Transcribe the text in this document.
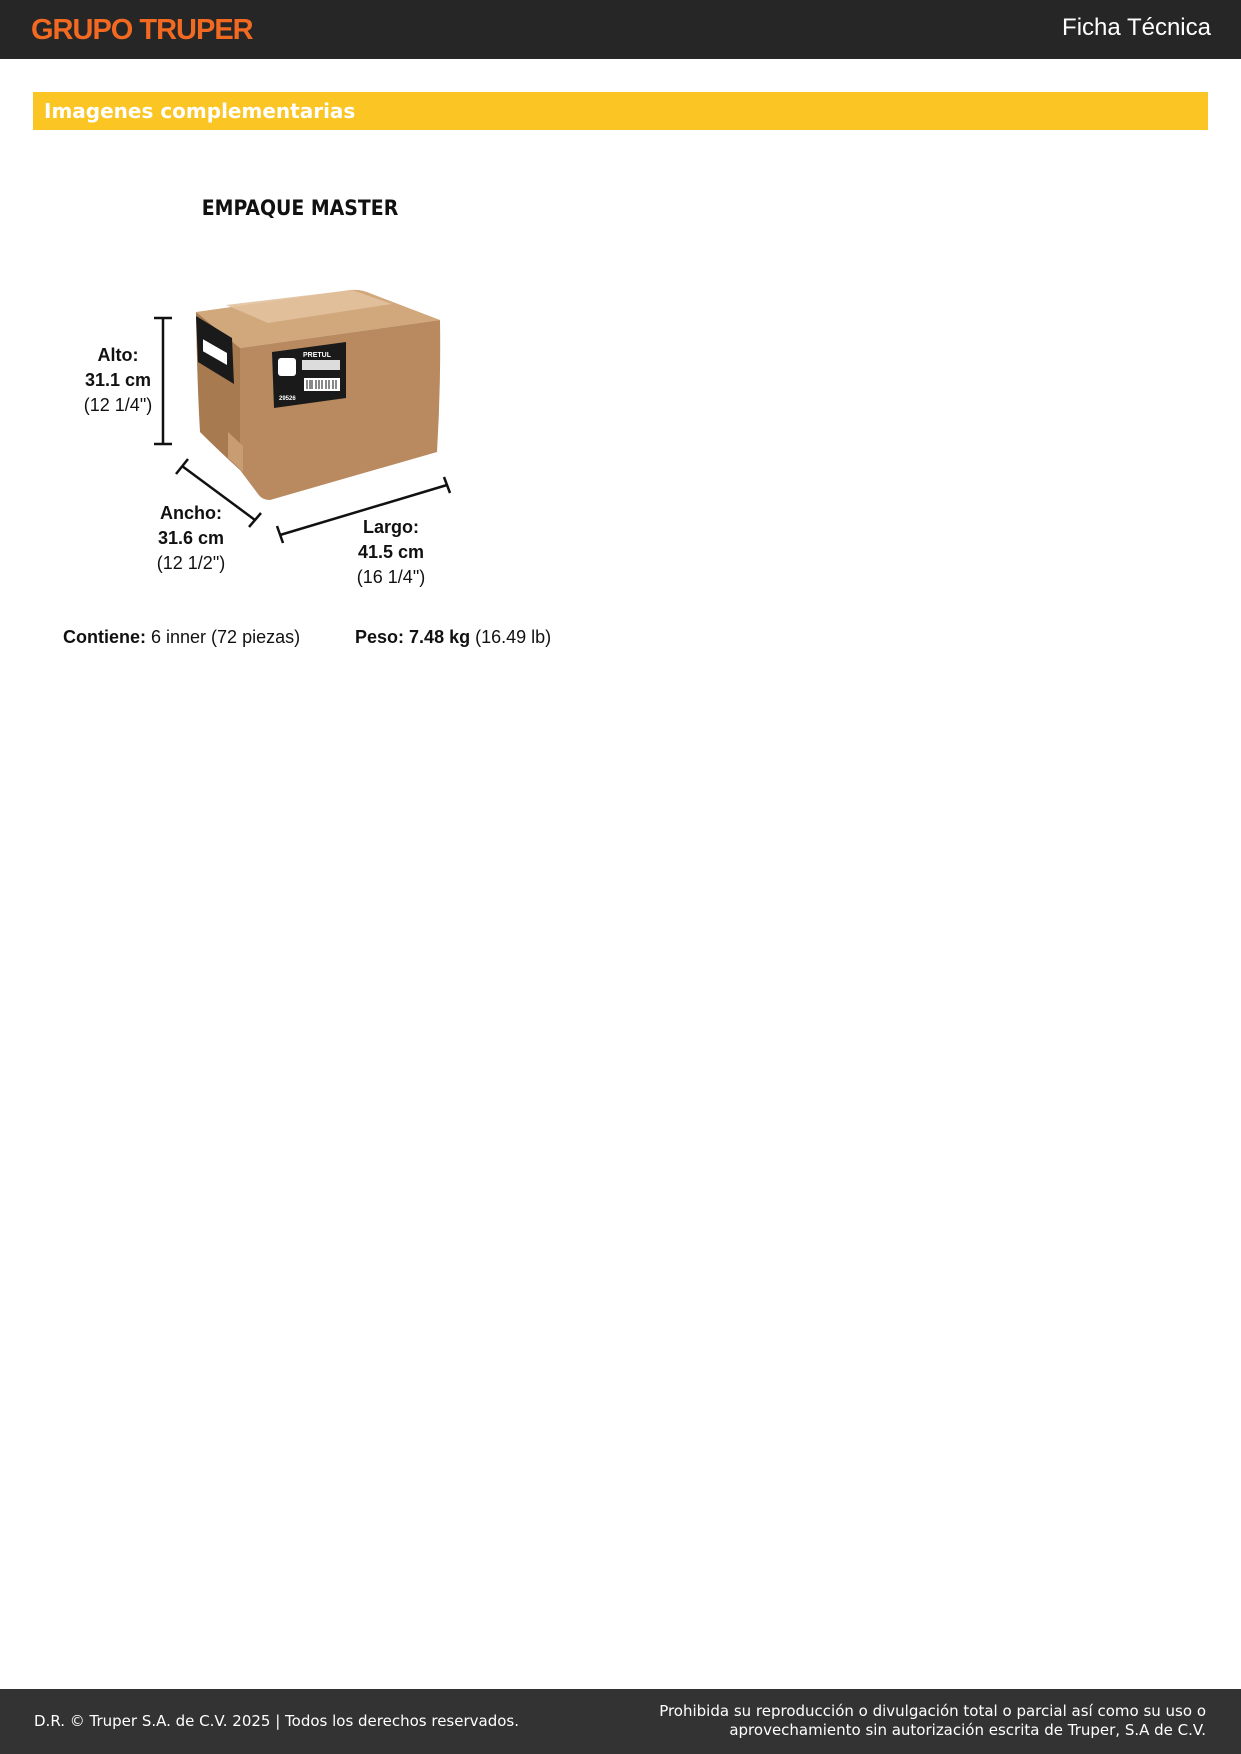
GRUPO TRUPER	Ficha Técnica
Imagenes complementarias
EMPAQUE MASTER
PRETUL
29526
Alto:
31.1 cm
(12 1/4")
Ancho:
31.6 cm
(12 1/2")
Largo:
41.5 cm
(16 1/4")
Contiene: 6 inner (72 piezas)	Peso: 7.48 kg (16.49 lb)
D.R. © Truper S.A. de C.V. 2025 | Todos los derechos reservados.
Prohibida su reproducción o divulgación total o parcial así como su uso o
aprovechamiento sin autorización escrita de Truper, S.A de C.V.
